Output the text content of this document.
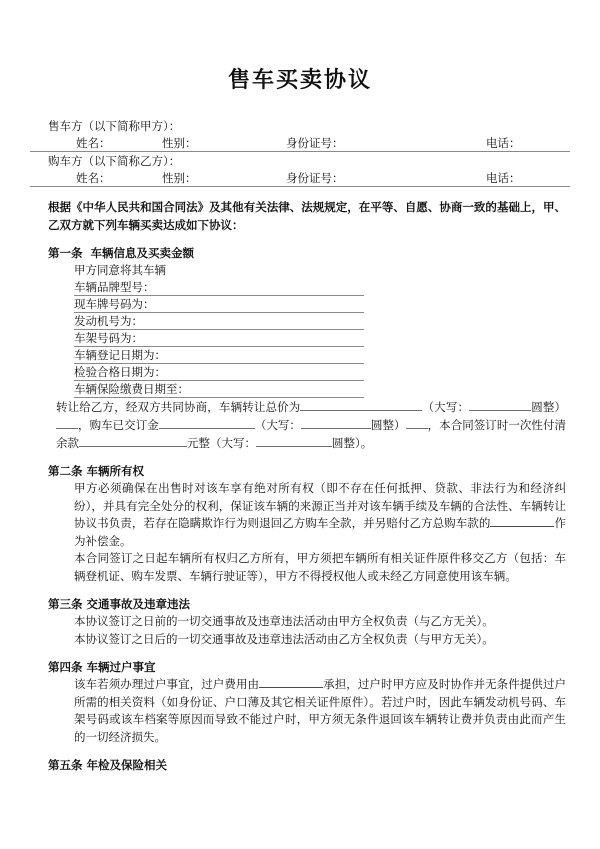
售车买卖协议
售车方（以下简称甲方）：
姓名：	性别：	身份证号：	电话：
购车方（以下简称乙方）：
姓名：	性别：	身份证号：	电话：
根据《中华人民共和国合同法》及其他有关法律、法规规定，在平等、自愿、协商一致的基础上，甲、乙双方就下列车辆买卖达成如下协议：
第一条 车辆信息及买卖金额
甲方同意将其车辆
车辆品牌型号：
现车牌号码为：
发动机号为：
车架号码为：
车辆登记日期为：
检验合格日期为：
车辆保险缴费日期至：
转让给乙方，经双方共同协商，车辆转让总价为	（大写：	圆整），购车已交订金	（大写：	圆整） ，本合同签订时一次性付清余款	元整（大写：	圆整）。
第二条 车辆所有权

甲方必须确保在出售时对该车享有绝对所有权（即不存在任何抵押、贷款、非法行为和经济纠纷），并具有完全处分的权利，保证该车辆的来源正当并对该车辆手续及车辆的合法性、车辆转让协议书负责，若存在隐瞒欺诈行为则退回乙方购车全款，并另赔付乙方总购车款的	作为补偿金。

本合同签订之日起车辆所有权归乙方所有，甲方须把车辆所有相关证件原件移交乙方（包括：车辆登机证、购车发票、车辆行驶证等），甲方不得授权他人或未经乙方同意使用该车辆。

第三条 交通事故及违章违法

本协议签订之日前的一切交通事故及违章违法活动由甲方全权负责（与乙方无关）。

本协议签订之日后的一切交通事故及违章违法活动由乙方全权负责（与甲方无关）。

第四条 车辆过户事宜

该车若须办理过户事宜，过户费用由	承担，过户时甲方应及时协作并无条件提供过户所需的相关资料（如身份证、户口薄及其它相关证件原件）。若过户时，因此车辆发动机号码、车架号码或该车档案等原因而导致不能过户时，甲方须无条件退回该车辆转让费并负责由此而产生的一切经济损失。

第五条 年检及保险相关
